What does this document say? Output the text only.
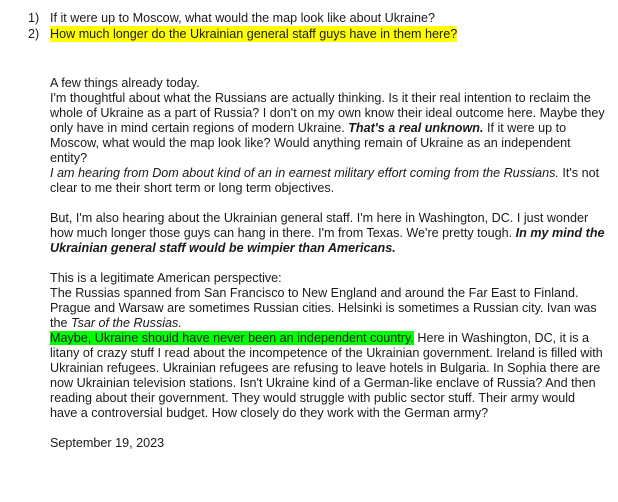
1) If it were up to Moscow, what would the map look like about Ukraine?
2) How much longer do the Ukrainian general staff guys have in them here?
A few things already today.
I'm thoughtful about what the Russians are actually thinking. Is it their real intention to reclaim the whole of Ukraine as a part of Russia? I don't on my own know their ideal outcome here. Maybe they only have in mind certain regions of modern Ukraine. That's a real unknown. If it were up to Moscow, what would the map look like? Would anything remain of Ukraine as an independent entity?
I am hearing from Dom about kind of an in earnest military effort coming from the Russians. It's not clear to me their short term or long term objectives.
But, I'm also hearing about the Ukrainian general staff. I'm here in Washington, DC. I just wonder how much longer those guys can hang in there. I'm from Texas. We're pretty tough. In my mind the Ukrainian general staff would be wimpier than Americans.
This is a legitimate American perspective:
The Russias spanned from San Francisco to New England and around the Far East to Finland. Prague and Warsaw are sometimes Russian cities. Helsinki is sometimes a Russian city. Ivan was the Tsar of the Russias.
Maybe, Ukraine should have never been an independent country. Here in Washington, DC, it is a litany of crazy stuff I read about the incompetence of the Ukrainian government. Ireland is filled with Ukrainian refugees. Ukrainian refugees are refusing to leave hotels in Bulgaria. In Sophia there are now Ukrainian television stations. Isn't Ukraine kind of a German-like enclave of Russia? And then reading about their government. They would struggle with public sector stuff. Their army would have a controversial budget. How closely do they work with the German army?
September 19, 2023
